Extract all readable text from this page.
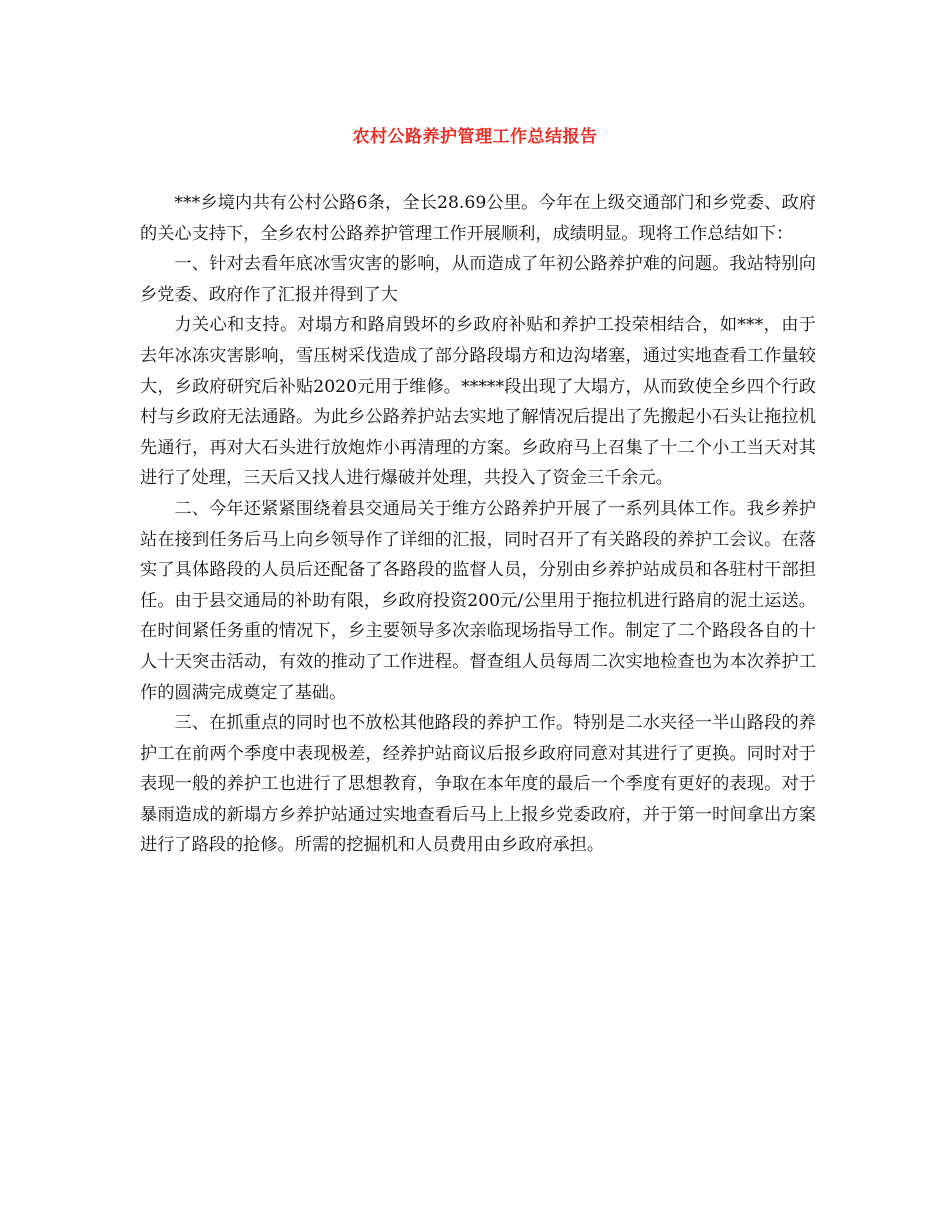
农村公路养护管理工作总结报告

***乡境内共有公村公路6条，全长28.69公里。今年在上级交通部门和乡党委、政府的关心支持下，全乡农村公路养护管理工作开展顺利，成绩明显。现将工作总结如下：

一、针对去看年底冰雪灾害的影响，从而造成了年初公路养护难的问题。我站特别向乡党委、政府作了汇报并得到了大

力关心和支持。对塌方和路肩毁坏的乡政府补贴和养护工投荣相结合，如***，由于去年冰冻灾害影响，雪压树采伐造成了部分路段塌方和边沟堵塞，通过实地查看工作量较大，乡政府研究后补贴2020元用于维修。*****段出现了大塌方，从而致使全乡四个行政村与乡政府无法通路。为此乡公路养护站去实地了解情况后提出了先搬起小石头让拖拉机先通行，再对大石头进行放炮炸小再清理的方案。乡政府马上召集了十二个小工当天对其进行了处理，三天后又找人进行爆破并处理，共投入了资金三千余元。

二、今年还紧紧围绕着县交通局关于维方公路养护开展了一系列具体工作。我乡养护站在接到任务后马上向乡领导作了详细的汇报，同时召开了有关路段的养护工会议。在落实了具体路段的人员后还配备了各路段的监督人员，分别由乡养护站成员和各驻村干部担任。由于县交通局的补助有限，乡政府投资200元/公里用于拖拉机进行路肩的泥土运送。在时间紧任务重的情况下，乡主要领导多次亲临现场指导工作。制定了二个路段各自的十人十天突击活动，有效的推动了工作进程。督查组人员每周二次实地检查也为本次养护工作的圆满完成奠定了基础。

三、在抓重点的同时也不放松其他路段的养护工作。特别是二水夹径一半山路段的养护工在前两个季度中表现极差，经养护站商议后报乡政府同意对其进行了更换。同时对于表现一般的养护工也进行了思想教育，争取在本年度的最后一个季度有更好的表现。对于暴雨造成的新塌方乡养护站通过实地查看后马上上报乡党委政府，并于第一时间拿出方案进行了路段的抢修。所需的挖掘机和人员费用由乡政府承担。
